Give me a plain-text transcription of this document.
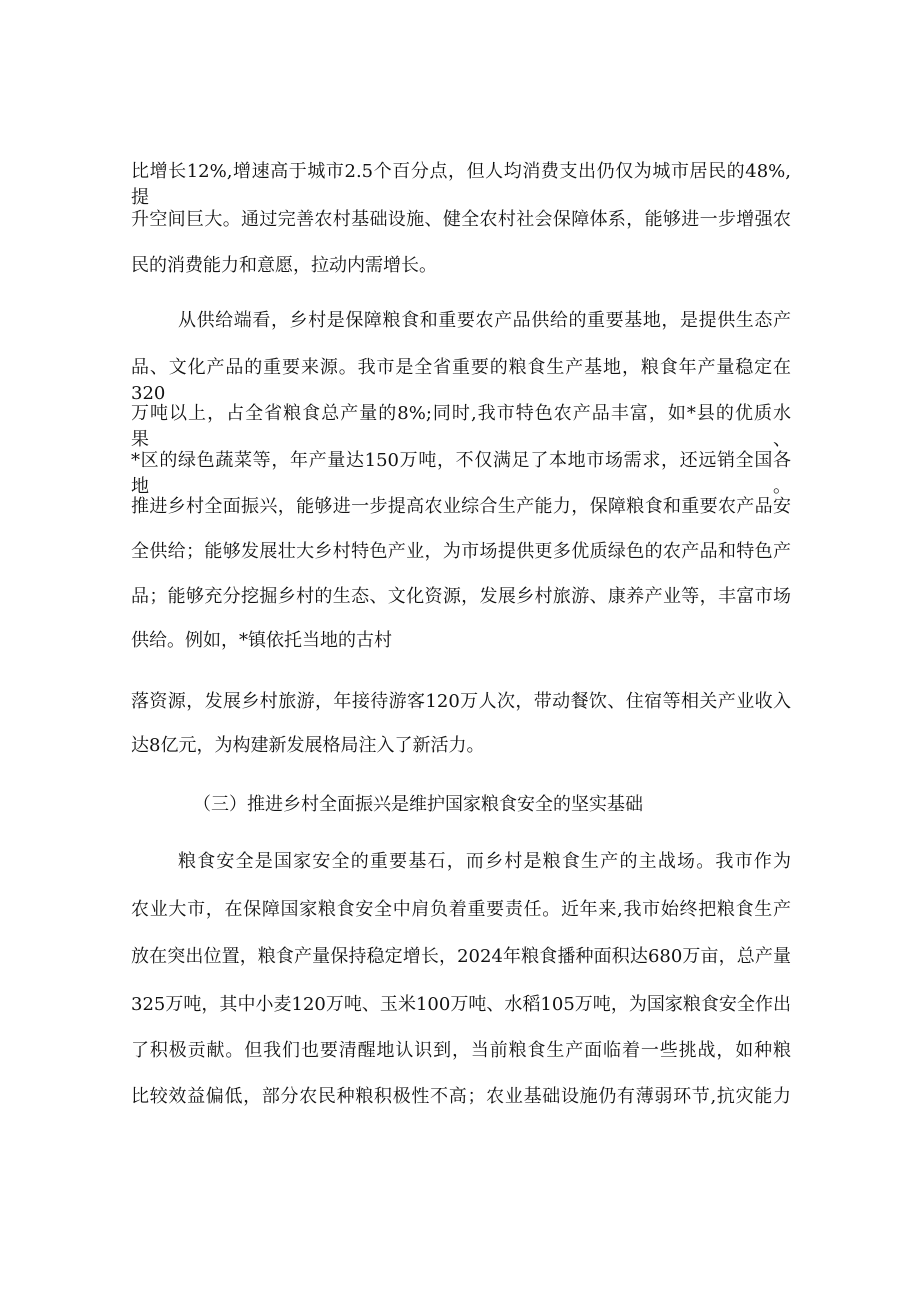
比增长12%,增速高于城市2.5个百分点，但人均消费支出仍仅为城市居民的48%,提
升空间巨大。通过完善农村基础设施、健全农村社会保障体系，能够进一步增强农
民的消费能力和意愿，拉动内需增长。
从供给端看，乡村是保障粮食和重要农产品供给的重要基地，是提供生态产
品、文化产品的重要来源。我市是全省重要的粮食生产基地，粮食年产量稳定在320
万吨以上，占全省粮食总产量的8%;同时,我市特色农产品丰富，如*县的优质水果、
*区的绿色蔬菜等，年产量达150万吨，不仅满足了本地市场需求，还远销全国各地。
推进乡村全面振兴，能够进一步提高农业综合生产能力，保障粮食和重要农产品安
全供给；能够发展壮大乡村特色产业，为市场提供更多优质绿色的农产品和特色产
品；能够充分挖掘乡村的生态、文化资源，发展乡村旅游、康养产业等，丰富市场
供给。例如，*镇依托当地的古村
落资源，发展乡村旅游，年接待游客120万人次，带动餐饮、住宿等相关产业收入
达8亿元，为构建新发展格局注入了新活力。
（三）推进乡村全面振兴是维护国家粮食安全的坚实基础
粮食安全是国家安全的重要基石，而乡村是粮食生产的主战场。我市作为
农业大市，在保障国家粮食安全中肩负着重要责任。近年来,我市始终把粮食生产
放在突出位置，粮食产量保持稳定增长，2024年粮食播种面积达680万亩，总产量
325万吨，其中小麦120万吨、玉米100万吨、水稻105万吨，为国家粮食安全作出
了积极贡献。但我们也要清醒地认识到，当前粮食生产面临着一些挑战，如种粮
比较效益偏低，部分农民种粮积极性不高；农业基础设施仍有薄弱环节,抗灾能力
